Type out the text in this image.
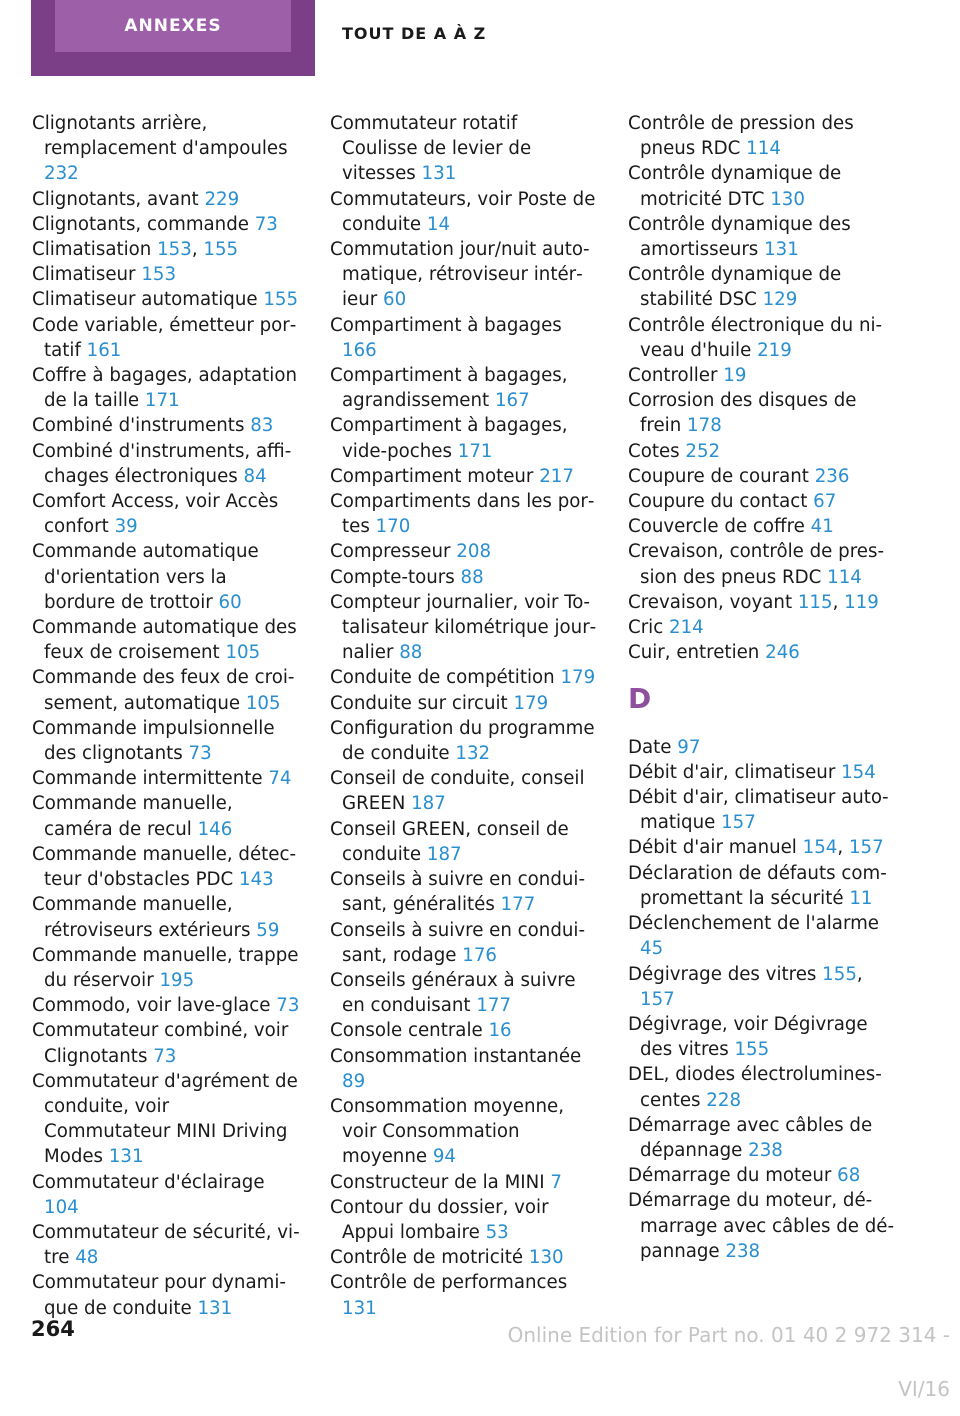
ANNEXES	TOUT DE A À Z
Clignotants arrière, remplacement d'ampoules 232
Clignotants, avant 229
Clignotants, commande 73
Climatisation 153, 155
Climatiseur 153
Climatiseur automatique 155
Code variable, émetteur portatif 161
Coffre à bagages, adaptation de la taille 171
Combiné d'instruments 83
Combiné d'instruments, affichages électroniques 84
Comfort Access, voir Accès confort 39
Commande automatique d'orientation vers la bordure de trottoir 60
Commande automatique des feux de croisement 105
Commande des feux de croisement, automatique 105
Commande impulsionnelle des clignotants 73
Commande intermittente 74
Commande manuelle, caméra de recul 146
Commande manuelle, détecteur d'obstacles PDC 143
Commande manuelle, rétroviseurs extérieurs 59
Commande manuelle, trappe du réservoir 195
Commodo, voir lave-glace 73
Commutateur combiné, voir Clignotants 73
Commutateur d'agrément de conduite, voir Commutateur MINI Driving Modes 131
Commutateur d'éclairage 104
Commutateur de sécurité, vitre 48
Commutateur pour dynamique de conduite 131
Commutateur rotatif Coulisse de levier de vitesses 131
Commutateurs, voir Poste de conduite 14
Commutation jour/nuit automatique, rétroviseur intérieur 60
Compartiment à bagages 166
Compartiment à bagages, agrandissement 167
Compartiment à bagages, vide-poches 171
Compartiment moteur 217
Compartiments dans les portes 170
Compresseur 208
Compte-tours 88
Compteur journalier, voir Totalisateur kilométrique journalier 88
Conduite de compétition 179
Conduite sur circuit 179
Configuration du programme de conduite 132
Conseil de conduite, conseil GREEN 187
Conseil GREEN, conseil de conduite 187
Conseils à suivre en conduisant, généralités 177
Conseils à suivre en conduisant, rodage 176
Conseils généraux à suivre en conduisant 177
Console centrale 16
Consommation instantanée 89
Consommation moyenne, voir Consommation moyenne 94
Constructeur de la MINI 7
Contour du dossier, voir Appui lombaire 53
Contrôle de motricité 130
Contrôle de performances 131
Contrôle de pression des pneus RDC 114
Contrôle dynamique de motricité DTC 130
Contrôle dynamique des amortisseurs 131
Contrôle dynamique de stabilité DSC 129
Contrôle électronique du niveau d'huile 219
Controller 19
Corrosion des disques de frein 178
Cotes 252
Coupure de courant 236
Coupure du contact 67
Couvercle de coffre 41
Crevaison, contrôle de pression des pneus RDC 114
Crevaison, voyant 115, 119
Cric 214
Cuir, entretien 246
D
Date 97
Débit d'air, climatiseur 154
Débit d'air, climatiseur automatique 157
Débit d'air manuel 154, 157
Déclaration de défauts compromettant la sécurité 11
Déclenchement de l'alarme 45
Dégivrage des vitres 155, 157
Dégivrage, voir Dégivrage des vitres 155
DEL, diodes électroluminescentes 228
Démarrage avec câbles de dépannage 238
Démarrage du moteur 68
Démarrage du moteur, démarrage avec câbles de dépannage 238
264	Online Edition for Part no. 01 40 2 972 314 - VI/16
